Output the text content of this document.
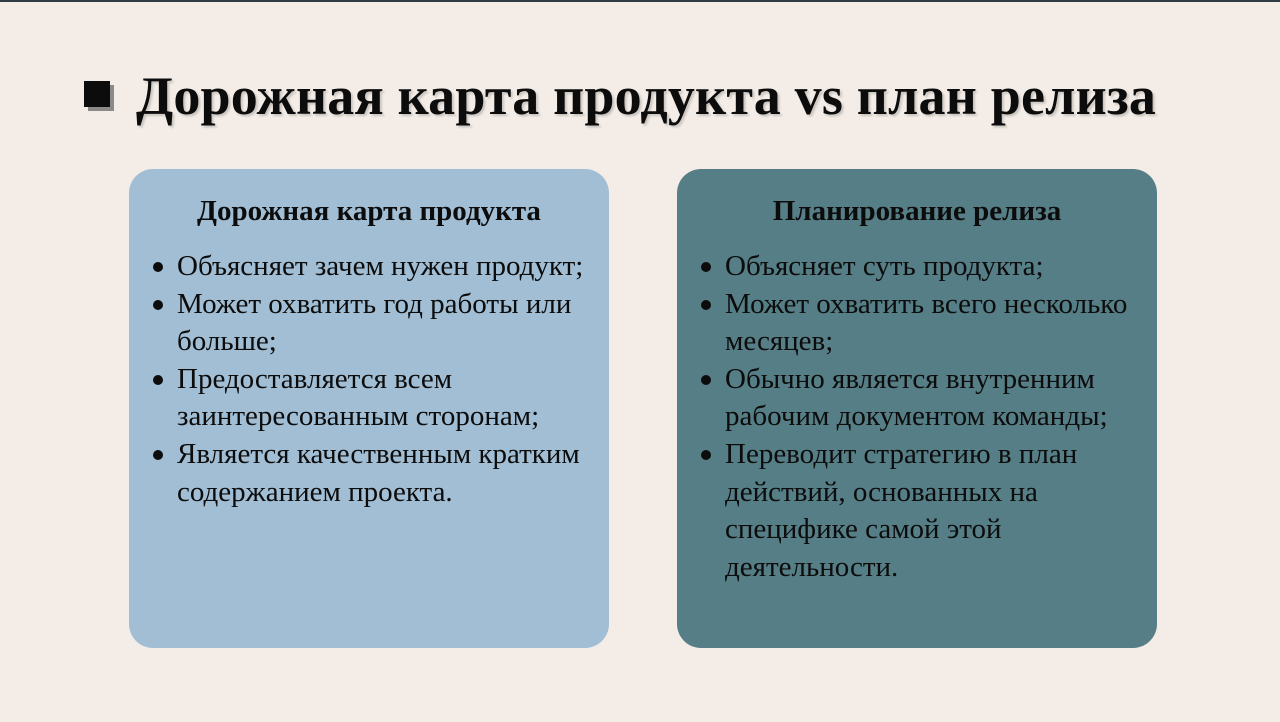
Дорожная карта продукта vs план релиза
Дорожная карта продукта
Объясняет зачем нужен продукт;
Может охватить год работы или больше;
Предоставляется всем заинтересованным сторонам;
Является качественным кратким содержанием проекта.
Планирование релиза
Объясняет суть продукта;
Может охватить всего несколько месяцев;
Обычно является внутренним рабочим документом команды;
Переводит стратегию в план действий, основанных на специфике самой этой деятельности.
